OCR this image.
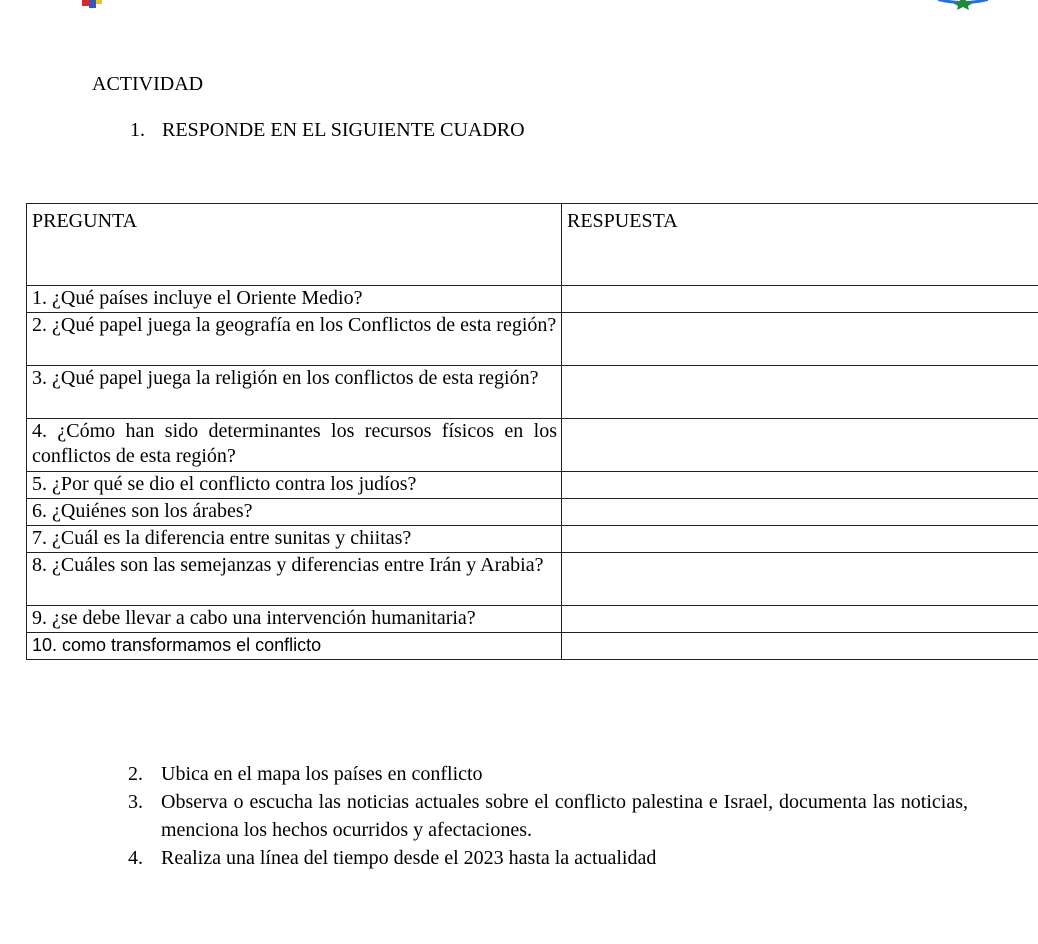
ACTIVIDAD
1. RESPONDE EN EL SIGUIENTE CUADRO
PREGUNTA	RESPUESTA
1. ¿Qué países incluye el Oriente Medio?	
2. ¿Qué papel juega la geografía en los Conflictos de esta región?	
3. ¿Qué papel juega la religión en los conflictos de esta región?	
4. ¿Cómo han sido determinantes los recursos físicos en los conflictos de esta región?	
5. ¿Por qué se dio el conflicto contra los judíos?	
6. ¿Quiénes son los árabes?	
7. ¿Cuál es la diferencia entre sunitas y chiitas?	
8. ¿Cuáles son las semejanzas y diferencias entre Irán y Arabia?	
9. ¿se debe llevar a cabo una intervención humanitaria?	
10. como transformamos el conflicto	
2. Ubica en el mapa los países en conflicto
3. Observa o escucha las noticias actuales sobre el conflicto palestina e Israel, documenta las noticias, menciona los hechos ocurridos y afectaciones.
4. Realiza una línea del tiempo desde el 2023 hasta la actualidad
